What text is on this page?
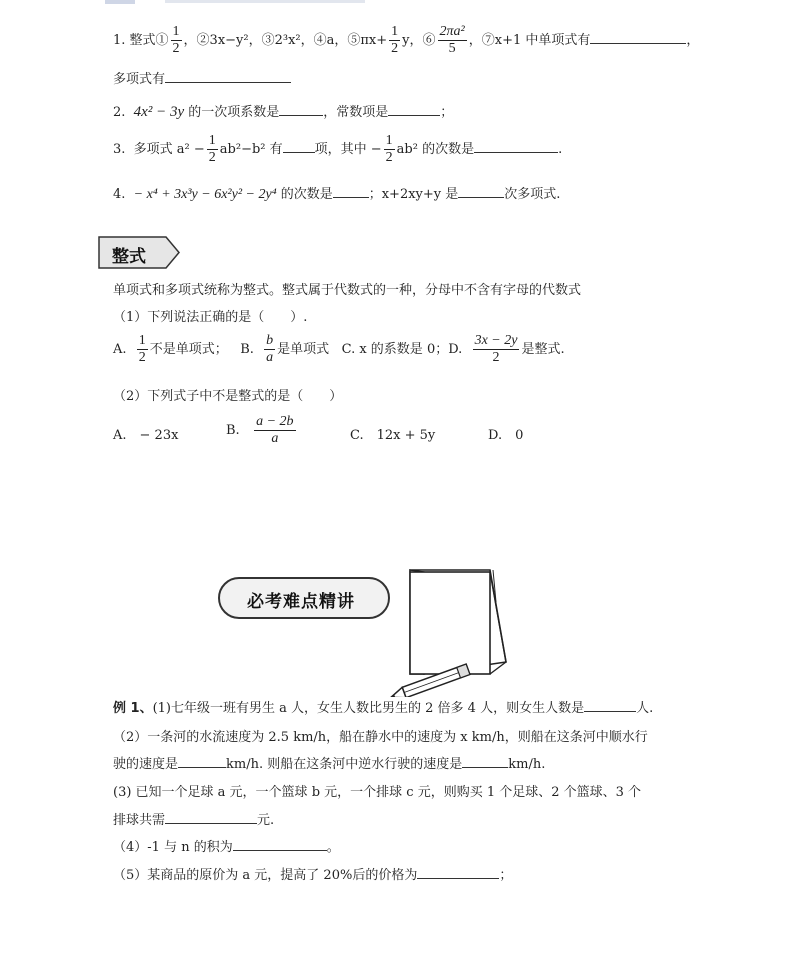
1. 整式① $\frac{1}{2}$ ，②3x−y²，③2³x²，④a，⑤πx+ $\frac{1}{2}$ y，⑥ $\frac{\text{2πa²}}{5}$ ，⑦x+1 中单项式有	，
多项式有
2. 4x² − 3y 的一次项系数是	，常数项是	；
3. 多项式 $a^2 - \frac{1}{2} ab^2-b^2$ 有 项，其中 − $\frac{1}{2} ab^2$ 的次数是	.
4. − x⁴ + 3x³y − 6x²y² − 2y⁴ 的次数是	；x+2xy+y 是	次多项式.
整式
单项式和多项式统称为整式。整式属于代数式的一种，分母中不含有字母的代数式
（1）下列说法正确的是（　　）.
A. $\frac{1}{2}$ 不是单项式； B. $\frac{b}{a}$ 是单项式 C. x 的系数是 0；D. $\frac{3x - 2y}{2}$ 是整式.
（2）下列式子中不是整式的是（　　）
A.　− 23x	B. $\frac{a - 2b}{a}$	C.　12x + 5y	D.　0
必考难点精讲
例 1、(1)七年级一班有男生 a 人，女生人数比男生的 2 倍多 4 人，则女生人数是	人.
（2）一条河的水流速度为 2.5 km/h，船在静水中的速度为 x km/h，则船在这条河中顺水行
驶的速度是	km/h. 则船在这条河中逆水行驶的速度是	km/h.
(3) 已知一个足球 a 元，一个篮球 b 元，一个排球 c 元，则购买 1 个足球、2 个篮球、3 个
排球共需	元.
（4）-1 与 n 的积为	。
（5）某商品的原价为 a 元，提高了 20%后的价格为	；
